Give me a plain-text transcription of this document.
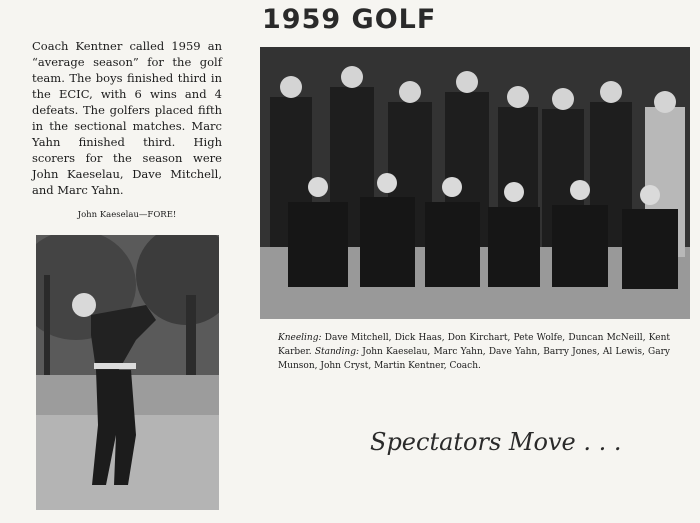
1959 GOLF

Coach Kentner called 1959 an “average season” for the golf team. The boys finished third in the ECIC, with 6 wins and 4 defeats. The golfers placed fifth in the sectional matches. Marc Yahn finished third. High scorers for the season were John Kaeselau, Dave Mitchell, and Marc Yahn.

John Kaeselau—FORE!

Kneeling: Dave Mitchell, Dick Haas, Don Kirchart, Pete Wolfe, Duncan McNeill, Kent Karber. Standing: John Kaeselau, Marc Yahn, Dave Yahn, Barry Jones, Al Lewis, Gary Munson, John Cryst, Martin Kentner, Coach.

Spectators Move . . .
